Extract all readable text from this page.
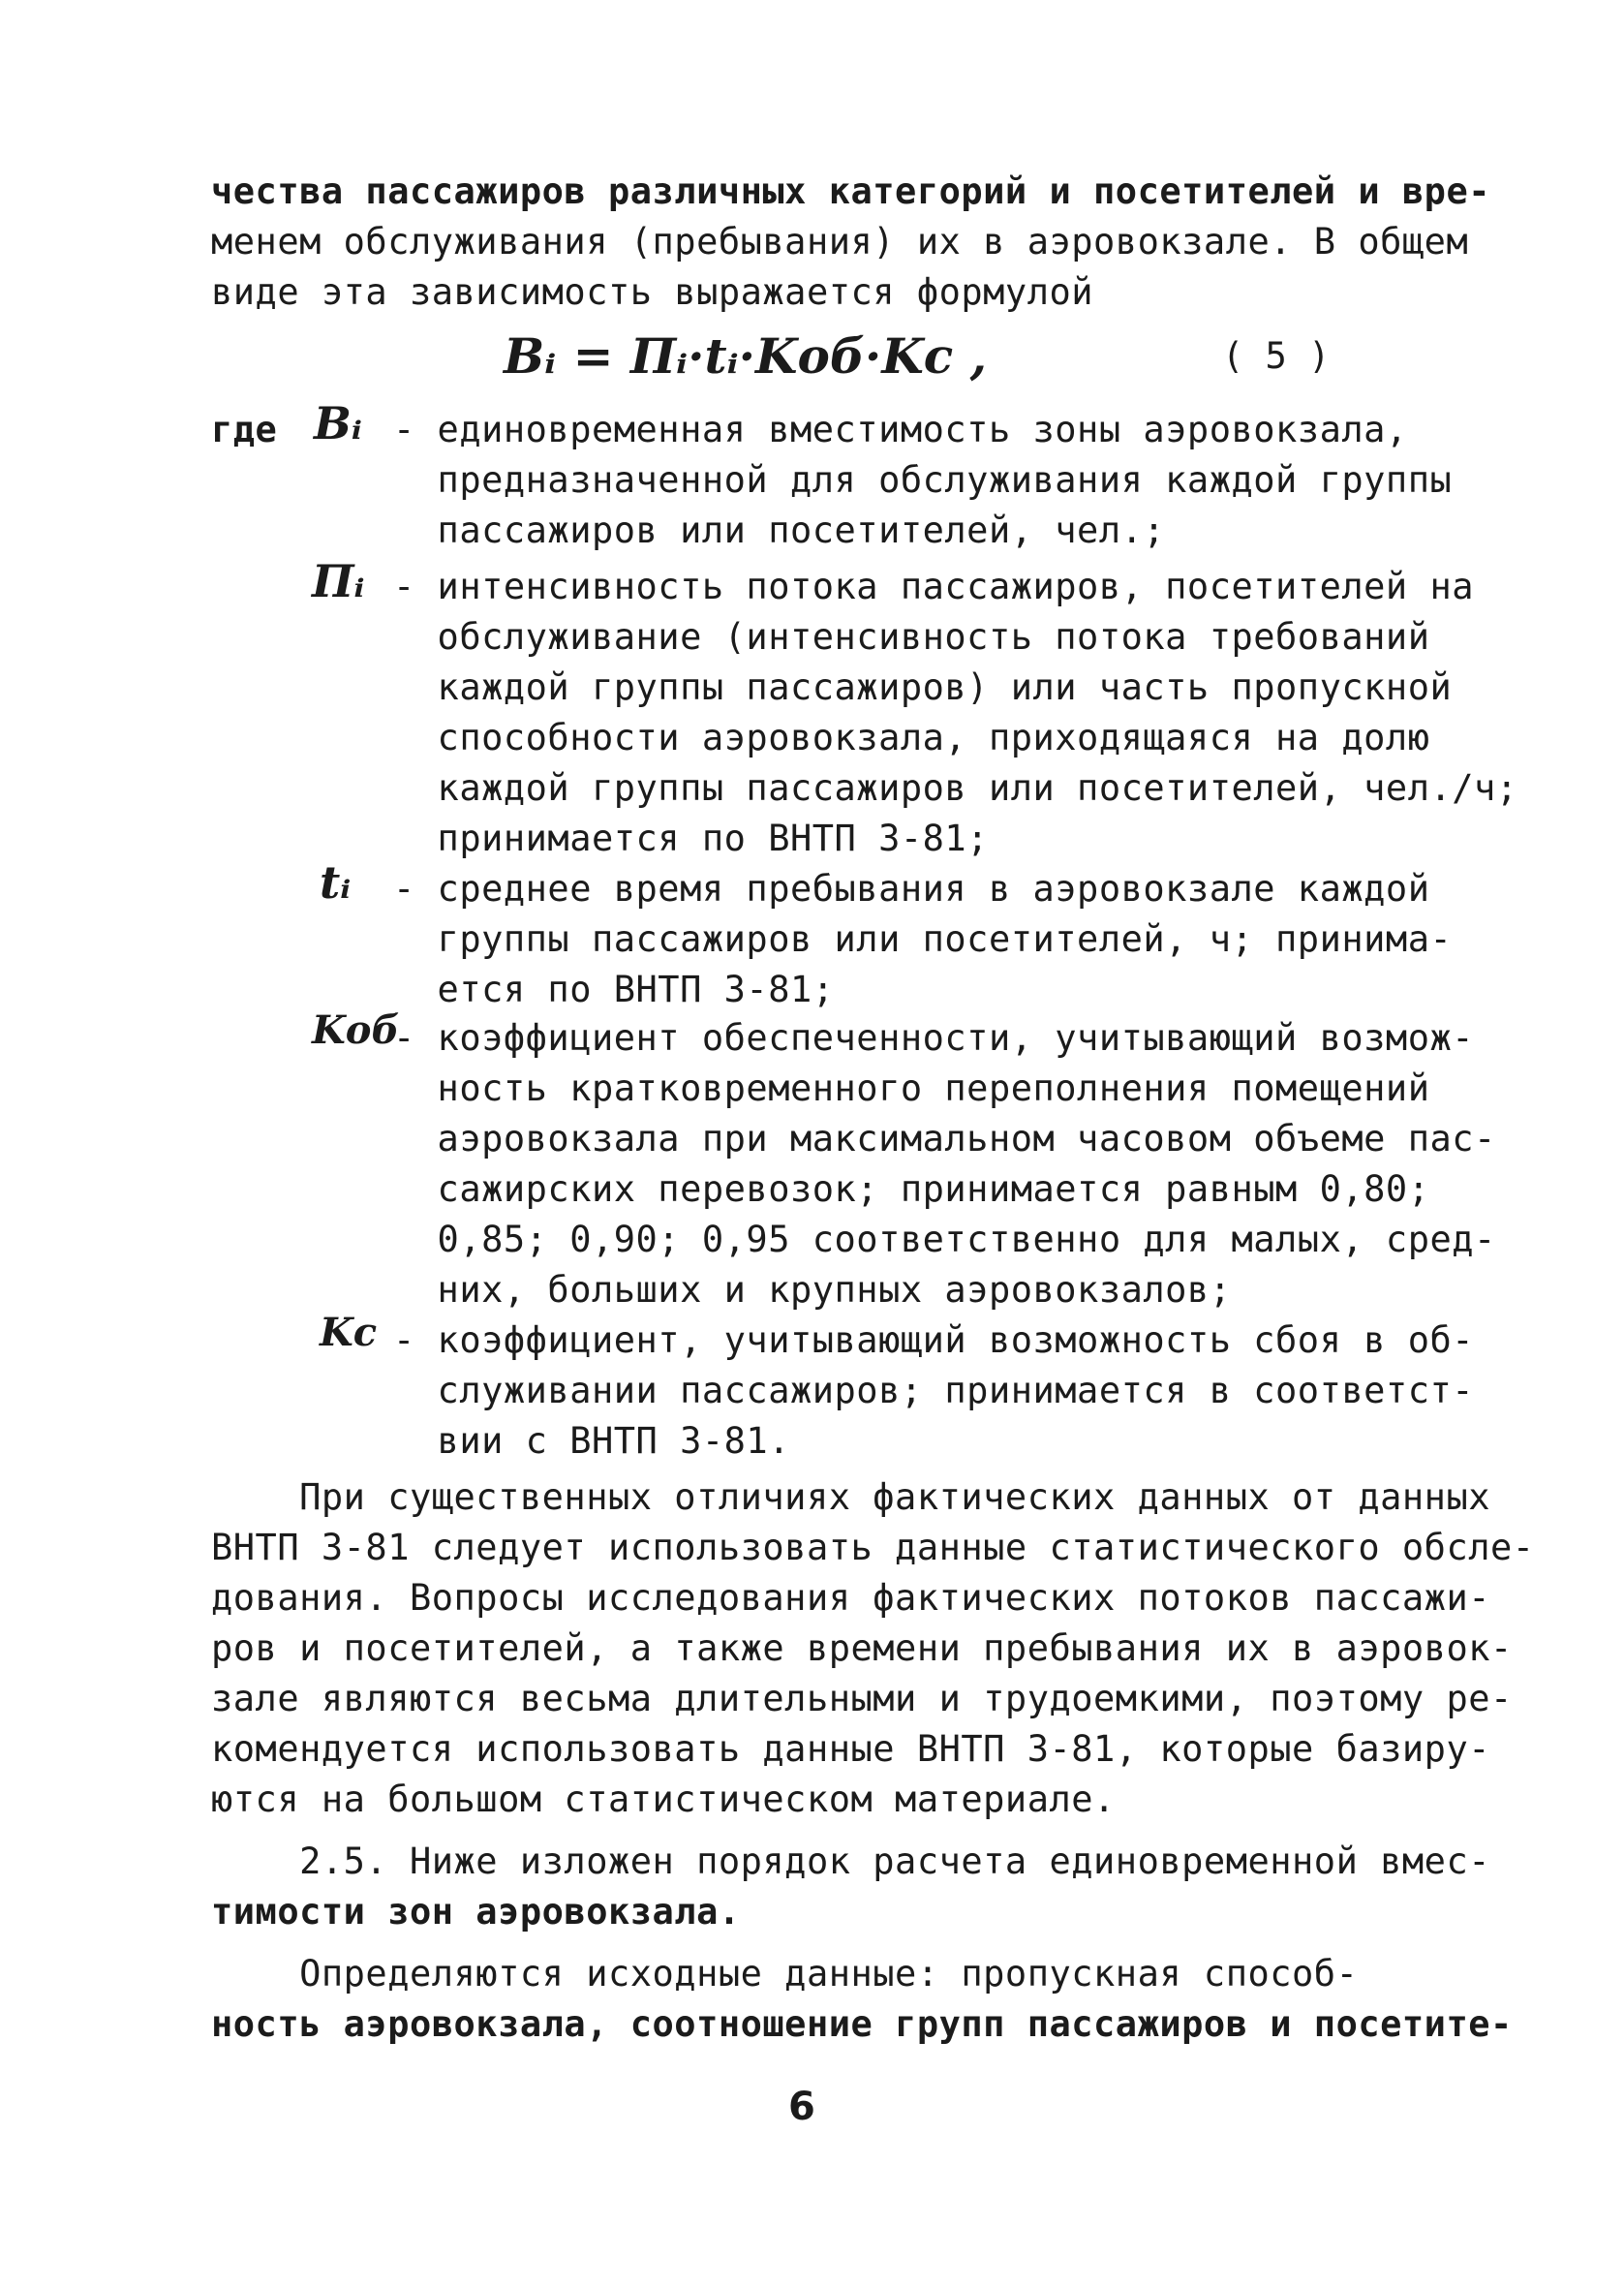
чества пассажиров различных категорий и посетителей и вре-
менем обслуживания (пребывания) их в аэровокзале. В общем
виде эта зависимость выражается формулой
Bᵢ = Пᵢ·tᵢ·Kоб·Kс ,	( 5 )
где Bᵢ - единовременная вместимость зоны аэровокзала,
предназначенной для обслуживания каждой группы
пассажиров или посетителей, чел.;
Пᵢ - интенсивность потока пассажиров, посетителей на
обслуживание (интенсивность потока требований
каждой группы пассажиров) или часть пропускной
способности аэровокзала, приходящаяся на долю
каждой группы пассажиров или посетителей, чел./ч;
принимается по ВНТП 3-81;
tᵢ - среднее время пребывания в аэровокзале каждой
группы пассажиров или посетителей, ч; принима-
ется по ВНТП 3-81;
Kоб
- коэффициент обеспеченности, учитывающий возмож-
ность кратковременного переполнения помещений
аэровокзала при максимальном часовом объеме пас-
сажирских перевозок; принимается равным 0,80;
0,85; 0,90; 0,95 соответственно для малых, сред-
них, больших и крупных аэровокзалов;
Kс - коэффициент, учитывающий возможность сбоя в об-
служивании пассажиров; принимается в соответст-
вии с ВНТП 3-81.
При существенных отличиях фактических данных от данных
ВНТП 3-81 следует использовать данные статистического обсле-
дования. Вопросы исследования фактических потоков пассажи-
ров и посетителей, а также времени пребывания их в аэровок-
зале являются весьма длительными и трудоемкими, поэтому ре-
комендуется использовать данные ВНТП 3-81, которые базиру-
ются на большом статистическом материале.
2.5. Ниже изложен порядок расчета единовременной вмес-
тимости зон аэровокзала.
Определяются исходные данные: пропускная способ-
ность аэровокзала, соотношение групп пассажиров и посетите-
6
